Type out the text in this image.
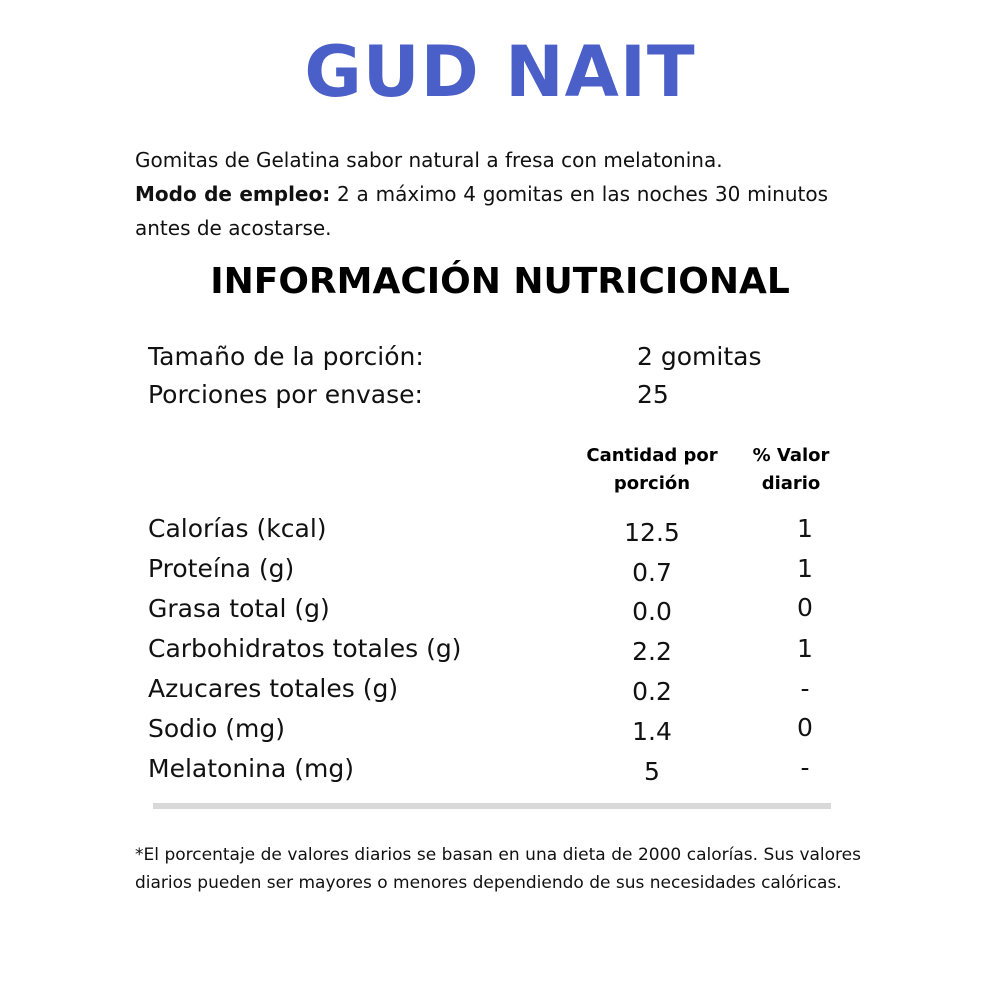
GUD NAIT

Gomitas de Gelatina sabor natural a fresa con melatonina.

Modo de empleo: 2 a máximo 4 gomitas en las noches 30 minutos antes de acostarse.

INFORMACIÓN NUTRICIONAL
Tamaño de la porción:	2 gomitas
Porciones por envase:	25
Cantidad por
porción
% Valor
diario
Calorías (kcal)	12.5	1
Proteína (g)	0.7	1
Grasa total (g)	0.0	0
Carbohidratos totales (g)	2.2	1
Azucares totales (g)	0.2	-
Sodio (mg)	1.4	0
Melatonina (mg)	5	-

*El porcentaje de valores diarios se basan en una dieta de 2000 calorías. Sus valores diarios pueden ser mayores o menores dependiendo de sus necesidades calóricas.
